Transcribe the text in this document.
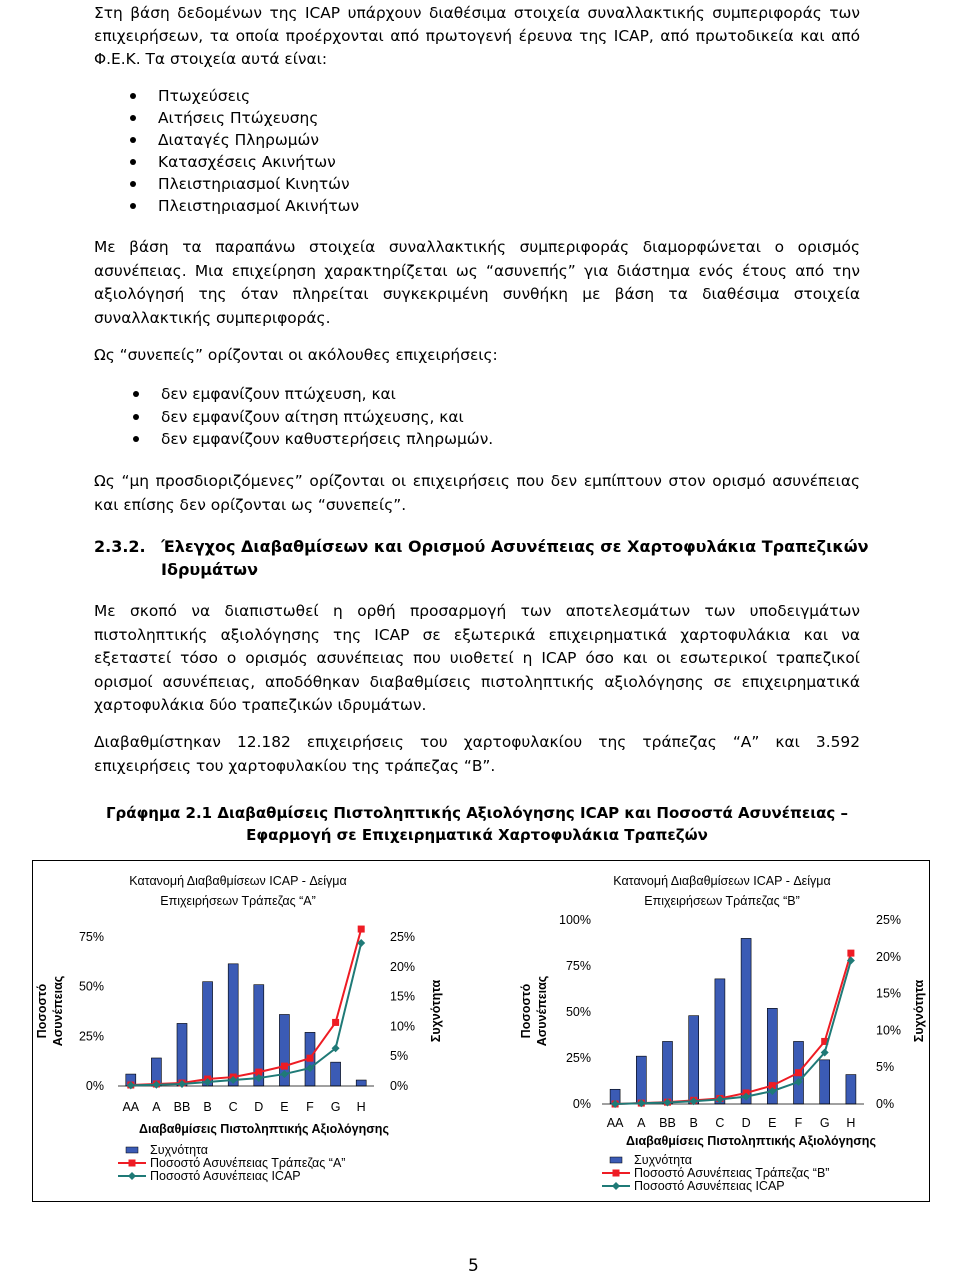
Στη βάση δεδομένων της ICAP υπάρχουν διαθέσιμα στοιχεία συναλλακτικής συμπεριφοράς των
επιχειρήσεων, τα οποία προέρχονται από πρωτογενή έρευνα της ICAP, από πρωτοδικεία και από
Φ.Ε.Κ. Τα στοιχεία αυτά είναι:
Πτωχεύσεις
Αιτήσεις Πτώχευσης
Διαταγές Πληρωμών
Κατασχέσεις Ακινήτων
Πλειστηριασμοί Κινητών
Πλειστηριασμοί Ακινήτων
Με βάση τα παραπάνω στοιχεία συναλλακτικής συμπεριφοράς διαμορφώνεται ο ορισμός ασυνέπειας. Μια επιχείρηση χαρακτηρίζεται ως “ασυνεπής” για διάστημα ενός έτους από την αξιολόγησή της όταν πληρείται συγκεκριμένη συνθήκη με βάση τα διαθέσιμα στοιχεία συναλλακτικής συμπεριφοράς.
Ως “συνεπείς” ορίζονται οι ακόλουθες επιχειρήσεις:
δεν εμφανίζουν πτώχευση, και
δεν εμφανίζουν αίτηση πτώχευσης, και
δεν εμφανίζουν καθυστερήσεις πληρωμών.
Ως “μη προσδιοριζόμενες” ορίζονται οι επιχειρήσεις που δεν εμπίπτουν στον ορισμό ασυνέπειας και επίσης δεν ορίζονται ως “συνεπείς”.
2.3.2. Έλεγχος Διαβαθμίσεων και Ορισμού Ασυνέπειας σε Χαρτοφυλάκια Τραπεζικών
Ιδρυμάτων
Με σκοπό να διαπιστωθεί η ορθή προσαρμογή των αποτελεσμάτων των υποδειγμάτων πιστοληπτικής αξιολόγησης της ICAP σε εξωτερικά επιχειρηματικά χαρτοφυλάκια και να εξεταστεί τόσο ο ορισμός ασυνέπειας που υιοθετεί η ICAP όσο και οι εσωτερικοί τραπεζικοί ορισμοί ασυνέπειας, αποδόθηκαν διαβαθμίσεις πιστοληπτικής αξιολόγησης σε επιχειρηματικά χαρτοφυλάκια δύο τραπεζικών ιδρυμάτων.
Διαβαθμίστηκαν 12.182 επιχειρήσεις του χαρτοφυλακίου της τράπεζας “Α” και 3.592 επιχειρήσεις του χαρτοφυλακίου της τράπεζας “Β”.
Γράφημα 2.1 Διαβαθμίσεις Πιστοληπτικής Αξιολόγησης ICAP και Ποσοστά Ασυνέπειας –
Εφαρμογή σε Επιχειρηματικά Χαρτοφυλάκια Τραπεζών
Κατανομή Διαβαθμίσεων ICAP - Δείγμα
Επιχειρήσεων Τράπεζας “Α”
0%
25%
50%
75%
0%
5%
10%
15%
20%
25%
Ποσοστό Ασυνέπειας	Συχνότητα
AA A BB B C D E F G H
Διαβαθμίσεις Πιστοληπτικής Αξιολόγησης
Συχνότητα
Ποσοστό Ασυνέπειας Τράπεζας “Α”
Ποσοστό Ασυνέπειας ICAP
Κατανομή Διαβαθμίσεων ICAP - Δείγμα
Επιχειρήσεων Τράπεζας “Β”
0%
25%
50%
75%
100%
0%
5%
10%
15%
20%
25%
Ποσοστό Ασυνέπειας	Συχνότητα
AA A BB B C D E F G H
Διαβαθμίσεις Πιστοληπτικής Αξιολόγησης
Συχνότητα
Ποσοστό Ασυνέπειας Τράπεζας “Β”
Ποσοστό Ασυνέπειας ICAP
5
